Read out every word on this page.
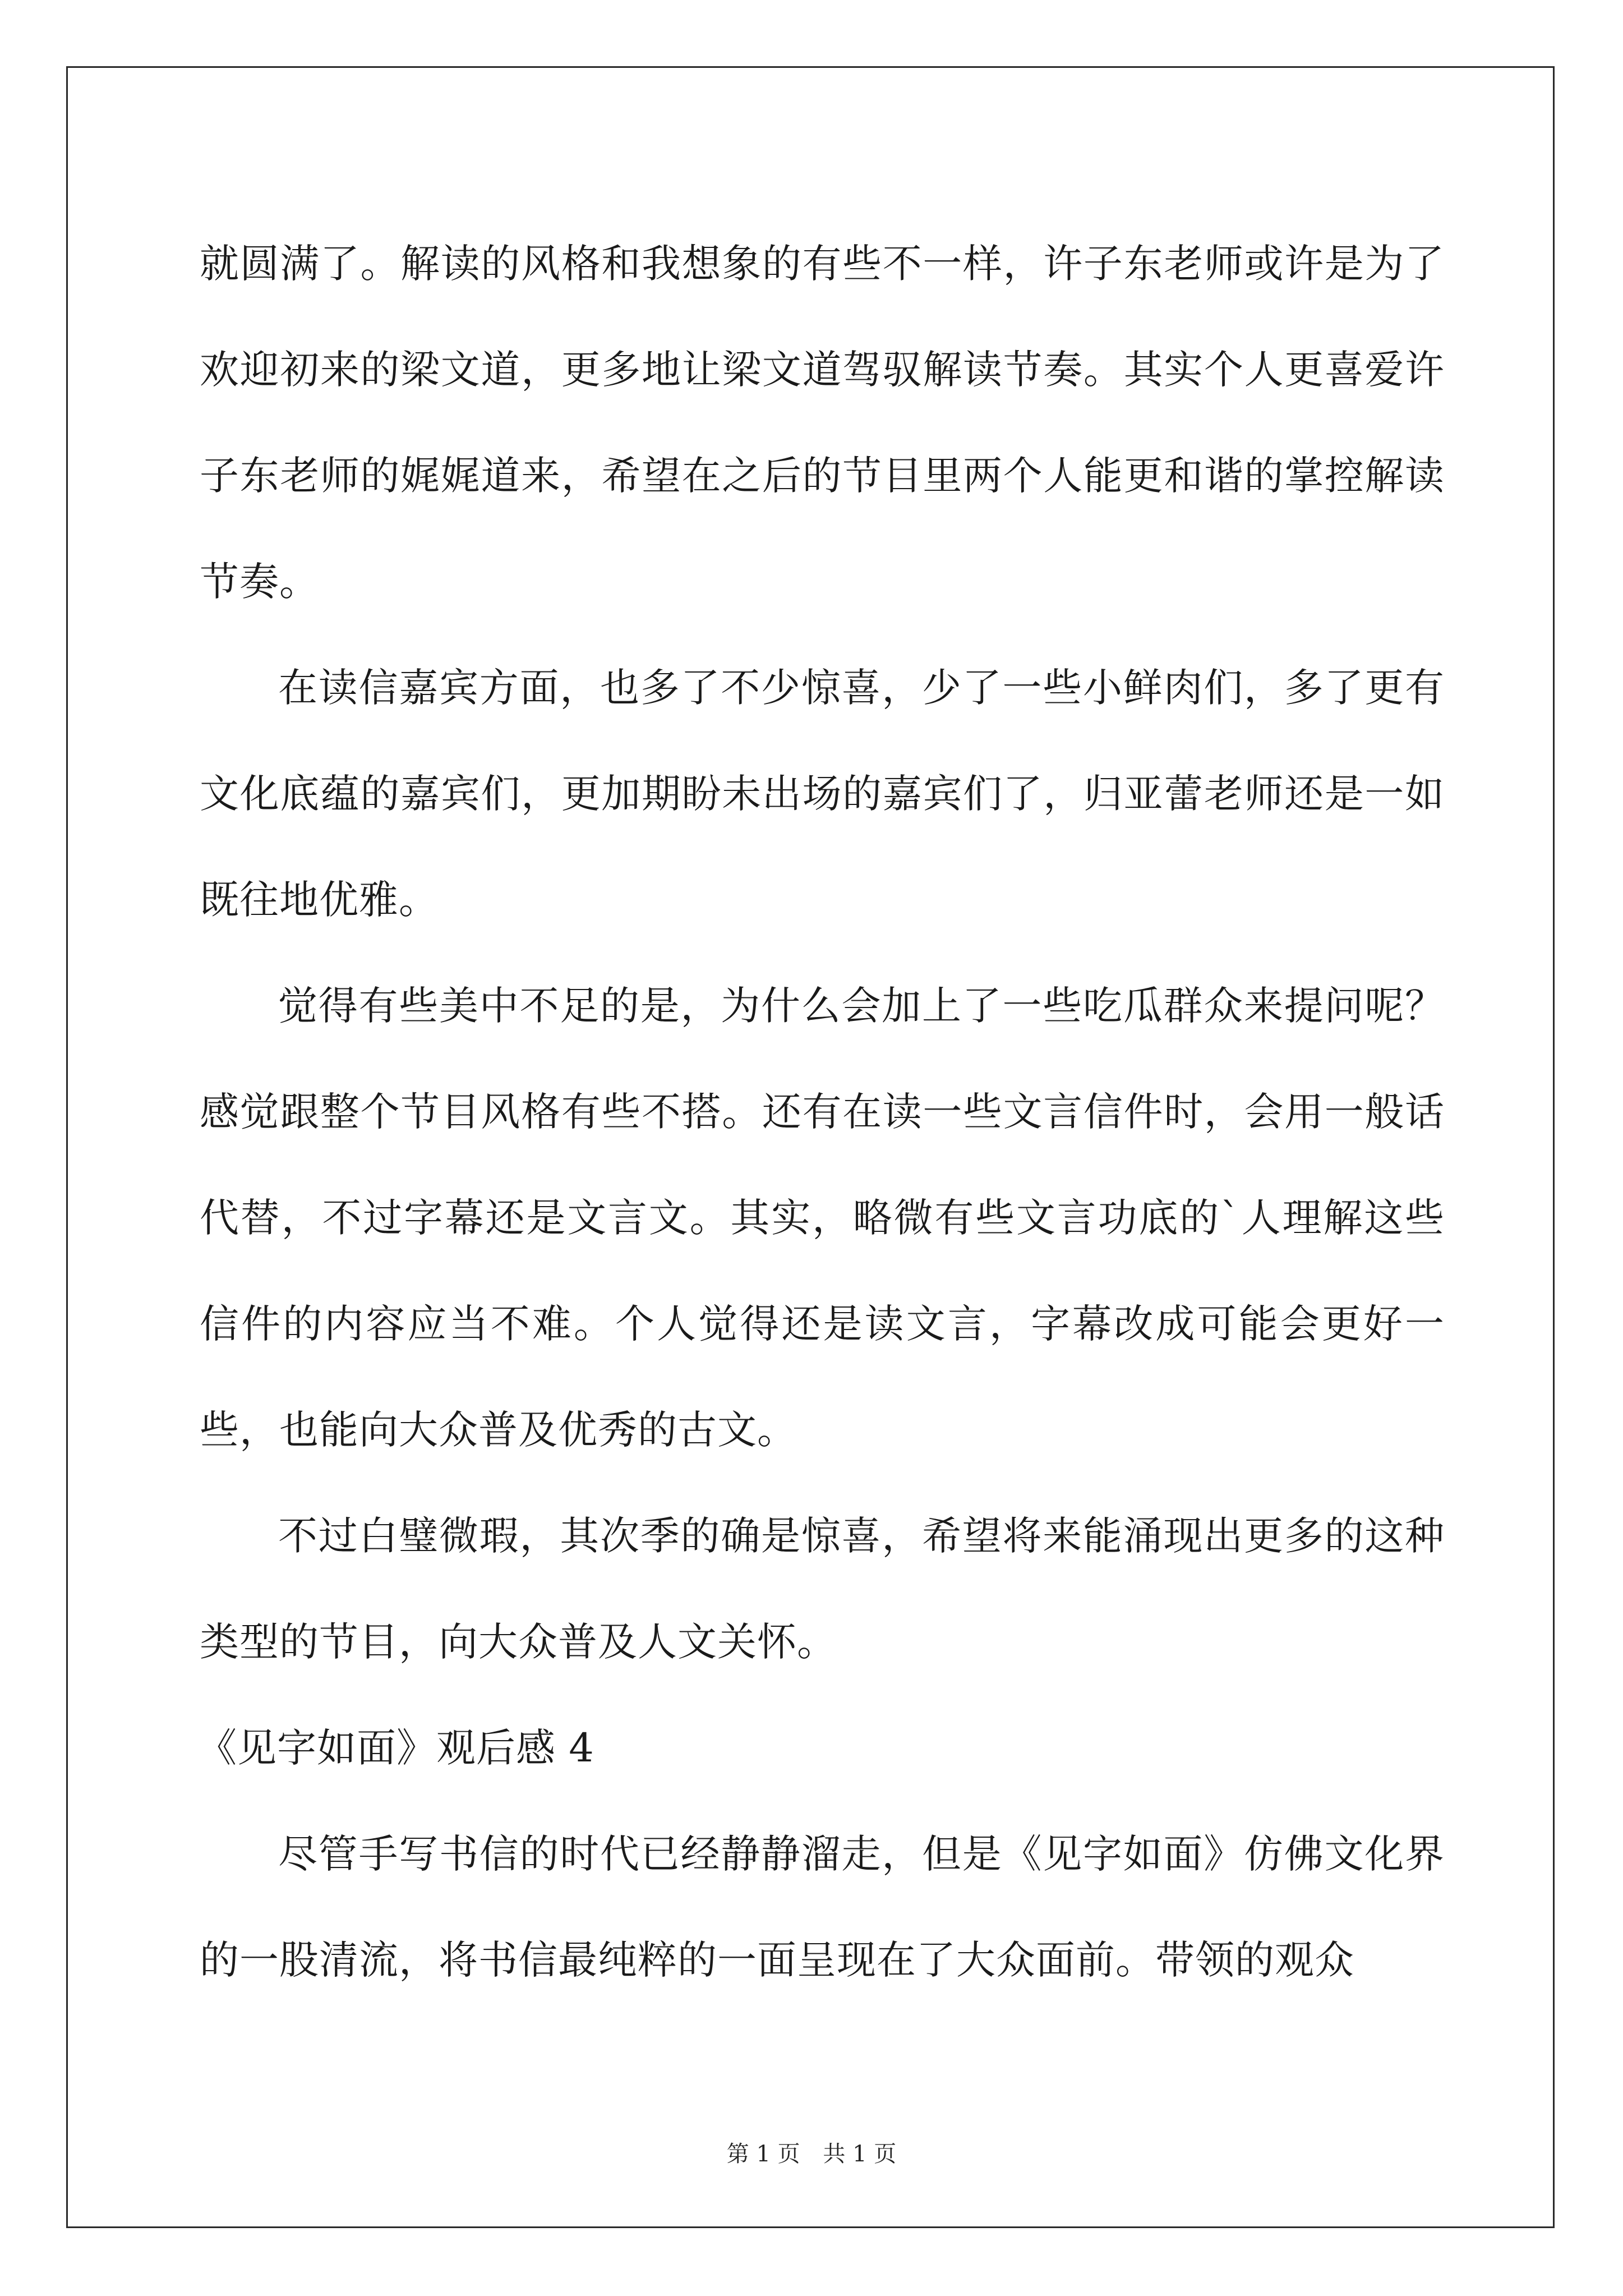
就圆满了。解读的风格和我想象的有些不一样，许子东老师或许是为了欢迎初来的梁文道，更多地让梁文道驾驭解读节奏。其实个人更喜爱许子东老师的娓娓道来，希望在之后的节目里两个人能更和谐的掌控解读节奏。

在读信嘉宾方面，也多了不少惊喜，少了一些小鲜肉们，多了更有文化底蕴的嘉宾们，更加期盼未出场的嘉宾们了，归亚蕾老师还是一如既往地优雅。

觉得有些美中不足的是，为什么会加上了一些吃瓜群众来提问呢？感觉跟整个节目风格有些不搭。还有在读一些文言信件时，会用一般话代替，不过字幕还是文言文。其实，略微有些文言功底的`人理解这些信件的内容应当不难。个人觉得还是读文言，字幕改成可能会更好一些，也能向大众普及优秀的古文。

不过白璧微瑕，其次季的确是惊喜，希望将来能涌现出更多的这种类型的节目，向大众普及人文关怀。

《见字如面》观后感 4

尽管手写书信的时代已经静静溜走，但是《见字如面》仿佛文化界的一股清流，将书信最纯粹的一面呈现在了大众面前。带领的观众

第 1 页 共 1 页
